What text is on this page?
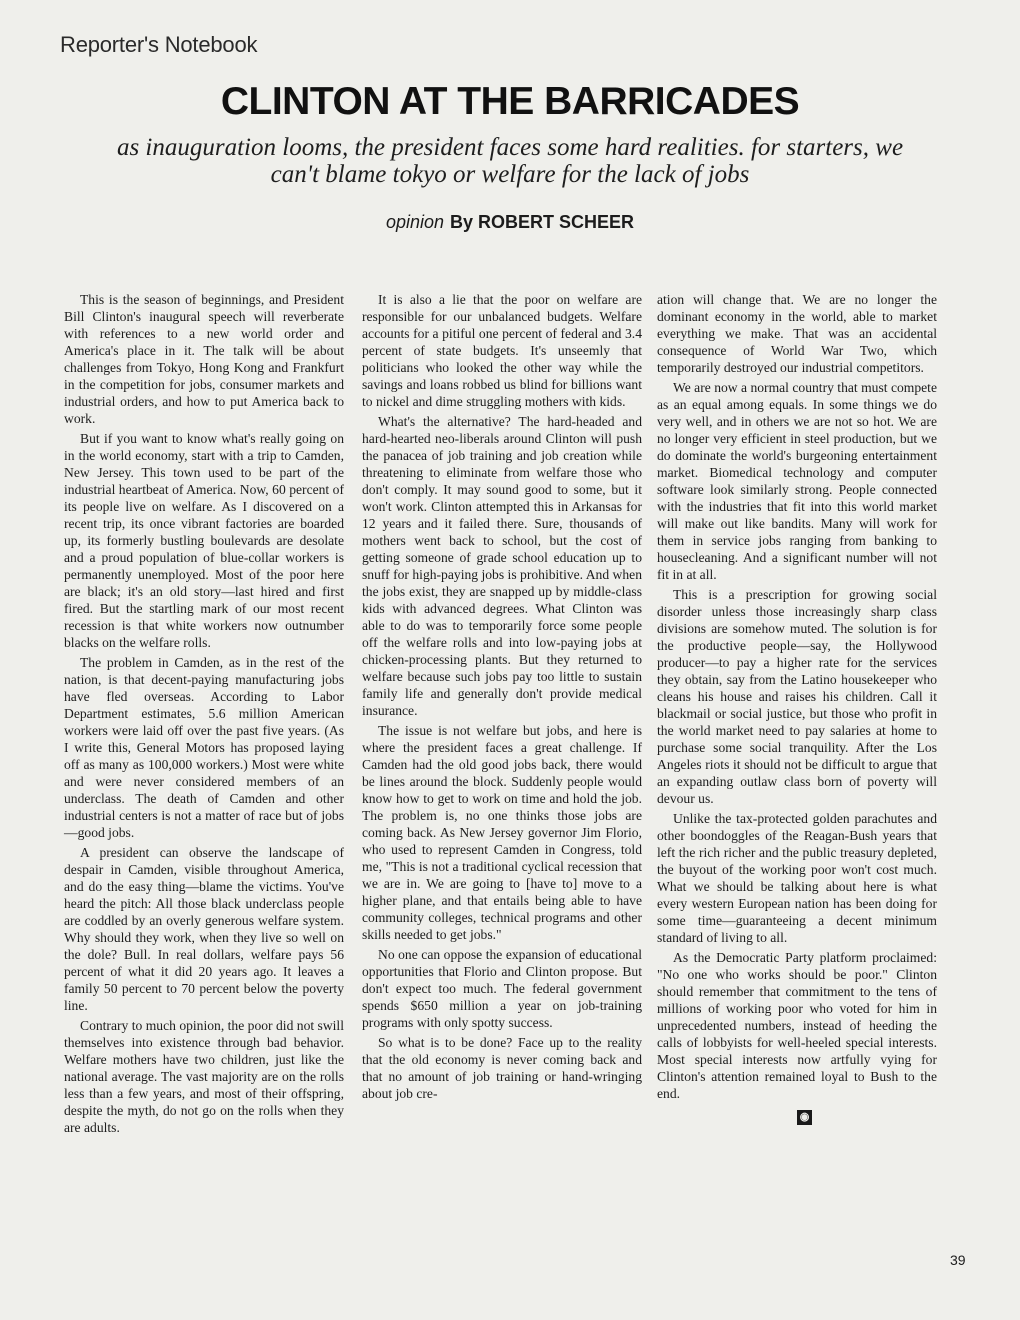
Reporter's Notebook
CLINTON AT THE BARRICADES
as inauguration looms, the president faces some hard realities. for starters, we can't blame tokyo or welfare for the lack of jobs
opinion By ROBERT SCHEER

This is the season of beginnings, and President Bill Clinton's inaugural speech will reverberate with references to a new world order and America's place in it. The talk will be about challenges from Tokyo, Hong Kong and Frankfurt in the competition for jobs, consumer markets and industrial orders, and how to put America back to work.

But if you want to know what's really going on in the world economy, start with a trip to Camden, New Jersey. This town used to be part of the industrial heartbeat of America. Now, 60 percent of its people live on welfare. As I discovered on a recent trip, its once vibrant factories are boarded up, its formerly bustling boulevards are desolate and a proud population of blue-collar workers is permanently unemployed. Most of the poor here are black; it's an old story—last hired and first fired. But the startling mark of our most recent recession is that white workers now outnumber blacks on the welfare rolls.

The problem in Camden, as in the rest of the nation, is that decent-paying manufacturing jobs have fled overseas. According to Labor Department estimates, 5.6 million American workers were laid off over the past five years. (As I write this, General Motors has proposed laying off as many as 100,000 workers.) Most were white and were never considered members of an underclass. The death of Camden and other industrial centers is not a matter of race but of jobs—good jobs.

A president can observe the landscape of despair in Camden, visible throughout America, and do the easy thing—blame the victims. You've heard the pitch: All those black underclass people are coddled by an overly generous welfare system. Why should they work, when they live so well on the dole? Bull. In real dollars, welfare pays 56 percent of what it did 20 years ago. It leaves a family 50 percent to 70 percent below the poverty line.

Contrary to much opinion, the poor did not swill themselves into existence through bad behavior. Welfare mothers have two children, just like the national average. The vast majority are on the rolls less than a few years, and most of their offspring, despite the myth, do not go on the rolls when they are adults.

It is also a lie that the poor on welfare are responsible for our unbalanced budgets. Welfare accounts for a pitiful one percent of federal and 3.4 percent of state budgets. It's unseemly that politicians who looked the other way while the savings and loans robbed us blind for billions want to nickel and dime struggling mothers with kids.

What's the alternative? The hard-headed and hard-hearted neo-liberals around Clinton will push the panacea of job training and job creation while threatening to eliminate from welfare those who don't comply. It may sound good to some, but it won't work. Clinton attempted this in Arkansas for 12 years and it failed there. Sure, thousands of mothers went back to school, but the cost of getting someone of grade school education up to snuff for high-paying jobs is prohibitive. And when the jobs exist, they are snapped up by middle-class kids with advanced degrees. What Clinton was able to do was to temporarily force some people off the welfare rolls and into low-paying jobs at chicken-processing plants. But they returned to welfare because such jobs pay too little to sustain family life and generally don't provide medical insurance.

The issue is not welfare but jobs, and here is where the president faces a great challenge. If Camden had the old good jobs back, there would be lines around the block. Suddenly people would know how to get to work on time and hold the job. The problem is, no one thinks those jobs are coming back. As New Jersey governor Jim Florio, who used to represent Camden in Congress, told me, "This is not a traditional cyclical recession that we are in. We are going to [have to] move to a higher plane, and that entails being able to have community colleges, technical programs and other skills needed to get jobs."

No one can oppose the expansion of educational opportunities that Florio and Clinton propose. But don't expect too much. The federal government spends $650 million a year on job-training programs with only spotty success.

So what is to be done? Face up to the reality that the old economy is never coming back and that no amount of job training or hand-wringing about job cre-

ation will change that. We are no longer the dominant economy in the world, able to market everything we make. That was an accidental consequence of World War Two, which temporarily destroyed our industrial competitors.

We are now a normal country that must compete as an equal among equals. In some things we do very well, and in others we are not so hot. We are no longer very efficient in steel production, but we do dominate the world's burgeoning entertainment market. Biomedical technology and computer software look similarly strong. People connected with the industries that fit into this world market will make out like bandits. Many will work for them in service jobs ranging from banking to housecleaning. And a significant number will not fit in at all.

This is a prescription for growing social disorder unless those increasingly sharp class divisions are somehow muted. The solution is for the productive people—say, the Hollywood producer—to pay a higher rate for the services they obtain, say from the Latino housekeeper who cleans his house and raises his children. Call it blackmail or social justice, but those who profit in the world market need to pay salaries at home to purchase some social tranquility. After the Los Angeles riots it should not be difficult to argue that an expanding outlaw class born of poverty will devour us.

Unlike the tax-protected golden parachutes and other boondoggles of the Reagan-Bush years that left the rich richer and the public treasury depleted, the buyout of the working poor won't cost much. What we should be talking about here is what every western European nation has been doing for some time—guaranteeing a decent minimum standard of living to all.

As the Democratic Party platform proclaimed: "No one who works should be poor." Clinton should remember that commitment to the tens of millions of working poor who voted for him in unprecedented numbers, instead of heeding the calls of lobbyists for well-heeled special interests. Most special interests now artfully vying for Clinton's attention remained loyal to Bush to the end.

◉

39
